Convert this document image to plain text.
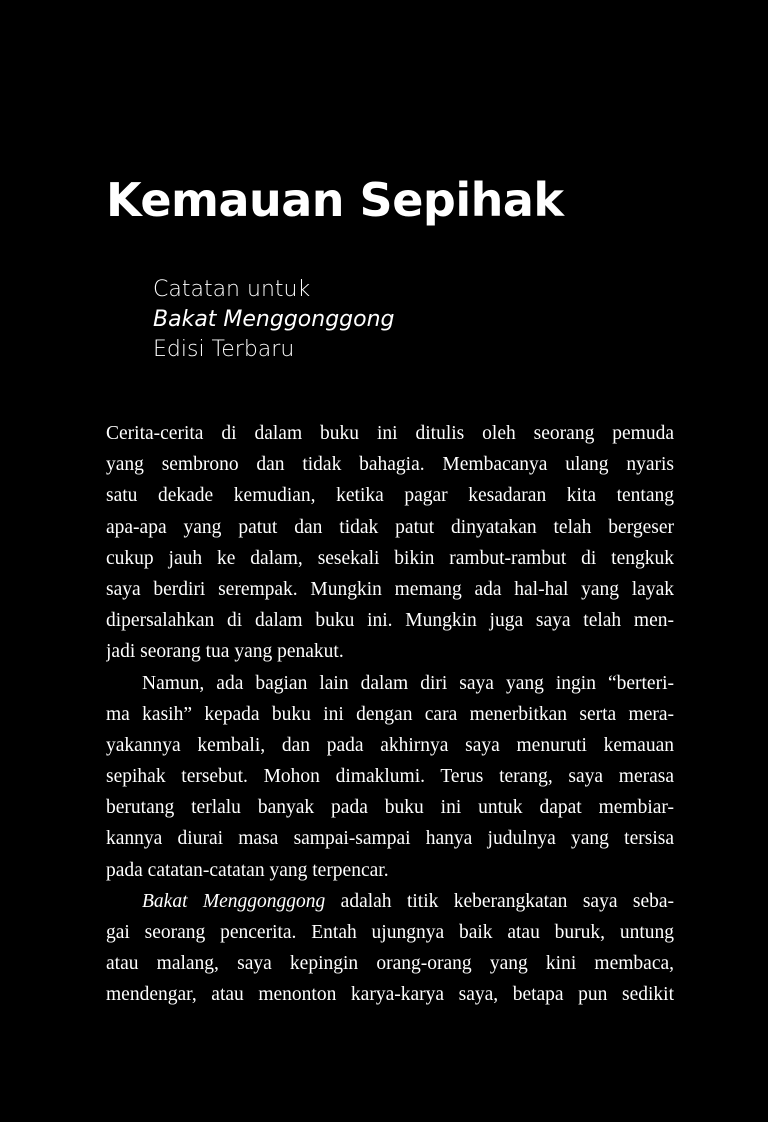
Kemauan Sepihak
Catatan untuk
Bakat Menggonggong
Edisi Terbaru
Cerita-cerita di dalam buku ini ditulis oleh seorang pemuda
yang sembrono dan tidak bahagia. Membacanya ulang nyaris
satu dekade kemudian, ketika pagar kesadaran kita tentang
apa-apa yang patut dan tidak patut dinyatakan telah bergeser
cukup jauh ke dalam, sesekali bikin rambut-rambut di tengkuk
saya berdiri serempak. Mungkin memang ada hal-hal yang layak
dipersalahkan di dalam buku ini. Mungkin juga saya telah men-
jadi seorang tua yang penakut.
Namun, ada bagian lain dalam diri saya yang ingin “berteri-
ma kasih” kepada buku ini dengan cara menerbitkan serta mera-
yakannya kembali, dan pada akhirnya saya menuruti kemauan
sepihak tersebut. Mohon dimaklumi. Terus terang, saya merasa
berutang terlalu banyak pada buku ini untuk dapat membiar-
kannya diurai masa sampai-sampai hanya judulnya yang tersisa
pada catatan-catatan yang terpencar.
Bakat Menggonggong adalah titik keberangkatan saya seba-
gai seorang pencerita. Entah ujungnya baik atau buruk, untung
atau malang, saya kepingin orang-orang yang kini membaca,
mendengar, atau menonton karya-karya saya, betapa pun sedikit
